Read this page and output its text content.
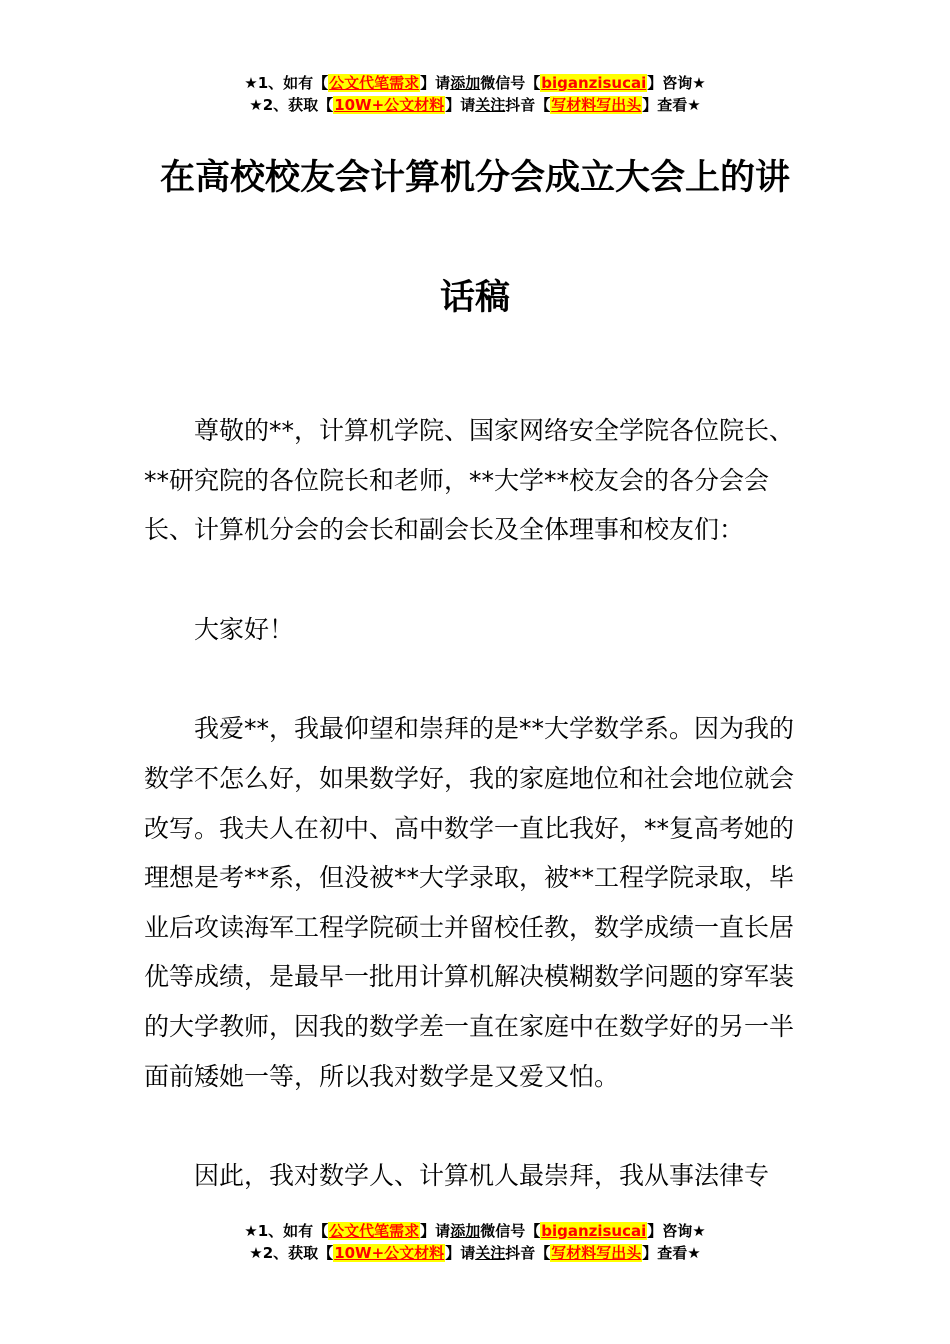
★1、如有【公文代笔需求】请添加微信号【biganzisucai】咨询★
★2、获取【10W+公文材料】请关注抖音【写材料写出头】查看★
在高校校友会计算机分会成立大会上的讲
话稿

尊敬的**，计算机学院、国家网络安全学院各位院长、**研究院的各位院长和老师，**大学**校友会的各分会会长、计算机分会的会长和副会长及全体理事和校友们：

大家好！

我爱**，我最仰望和崇拜的是**大学数学系。因为我的数学不怎么好，如果数学好，我的家庭地位和社会地位就会改写。我夫人在初中、高中数学一直比我好，**复高考她的理想是考**系，但没被**大学录取，被**工程学院录取，毕业后攻读海军工程学院硕士并留校任教，数学成绩一直长居优等成绩，是最早一批用计算机解决模糊数学问题的穿军装的大学教师，因我的数学差一直在家庭中在数学好的另一半面前矮她一等，所以我对数学是又爱又怕。

因此，我对数学人、计算机人最崇拜，我从事法律专

★1、如有【公文代笔需求】请添加微信号【biganzisucai】咨询★
★2、获取【10W+公文材料】请关注抖音【写材料写出头】查看★
